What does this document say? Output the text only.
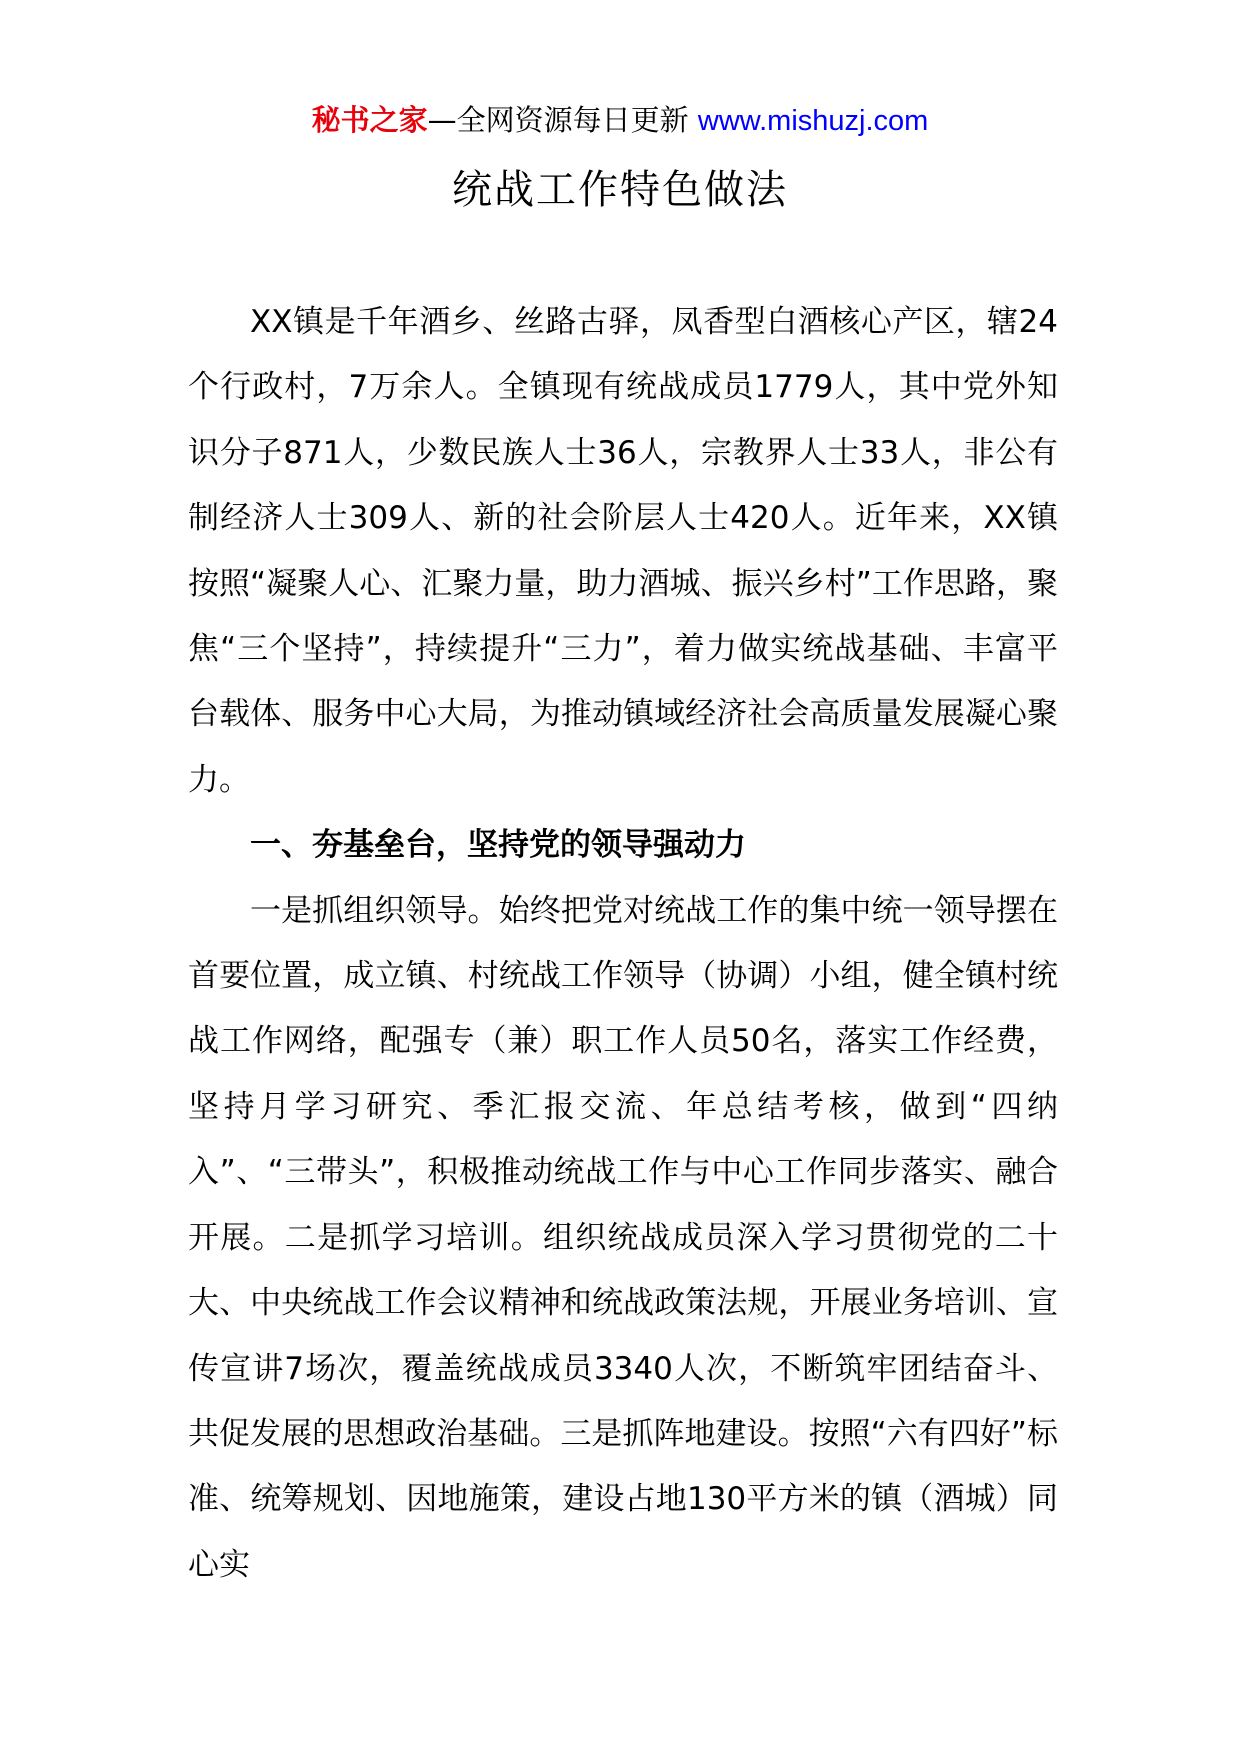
秘书之家—全网资源每日更新 www.mishuzj.com
统战工作特色做法

XX镇是千年酒乡、丝路古驿，凤香型白酒核心产区，辖24个行政村，7万余人。全镇现有统战成员1779人，其中党外知识分子871人，少数民族人士36人，宗教界人士33人，非公有制经济人士309人、新的社会阶层人士420人。近年来，XX镇按照“凝聚人心、汇聚力量，助力酒城、振兴乡村”工作思路，聚焦“三个坚持”，持续提升“三力”，着力做实统战基础、丰富平台载体、服务中心大局，为推动镇域经济社会高质量发展凝心聚力。

一、夯基垒台，坚持党的领导强动力

一是抓组织领导。始终把党对统战工作的集中统一领导摆在首要位置，成立镇、村统战工作领导（协调）小组，健全镇村统战工作网络，配强专（兼）职工作人员50名，落实工作经费，坚持月学习研究、季汇报交流、年总结考核，做到“四纳入”、“三带头”，积极推动统战工作与中心工作同步落实、融合开展。二是抓学习培训。组织统战成员深入学习贯彻党的二十大、中央统战工作会议精神和统战政策法规，开展业务培训、宣传宣讲7场次，覆盖统战成员3340人次，不断筑牢团结奋斗、共促发展的思想政治基础。三是抓阵地建设。按照“六有四好”标准、统筹规划、因地施策，建设占地130平方米的镇（酒城）同心实
